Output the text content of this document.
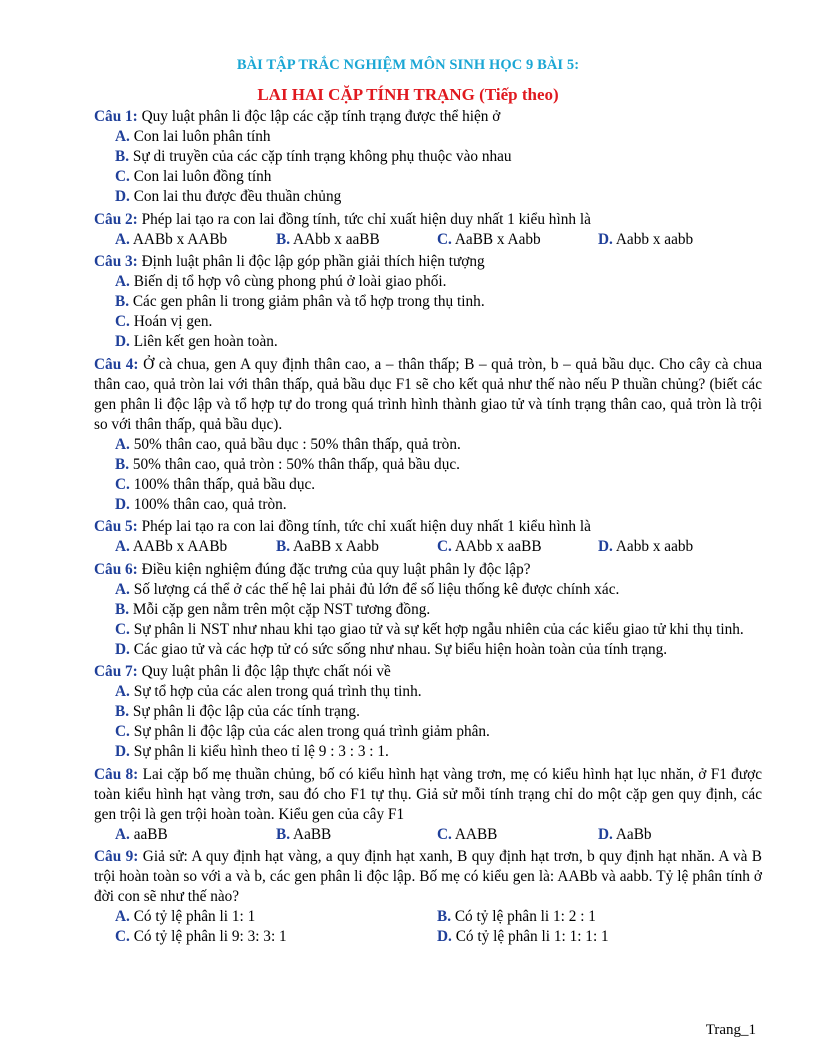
BÀI TẬP TRẮC NGHIỆM MÔN SINH HỌC 9 BÀI 5:
LAI HAI CẶP TÍNH TRẠNG (Tiếp theo)
Câu 1: Quy luật phân li độc lập các cặp tính trạng được thể hiện ở
A. Con lai luôn phân tính
B. Sự di truyền của các cặp tính trạng không phụ thuộc vào nhau
C. Con lai luôn đồng tính
D. Con lai thu được đều thuần chủng
Câu 2: Phép lai tạo ra con lai đồng tính, tức chỉ xuất hiện duy nhất 1 kiểu hình là
A. AABb x AABb	B. AAbb x aaBB	C. AaBB x Aabb	D. Aabb x aabb
Câu 3: Định luật phân li độc lập góp phần giải thích hiện tượng
A. Biến dị tổ hợp vô cùng phong phú ở loài giao phối.
B. Các gen phân li trong giảm phân và tổ hợp trong thụ tinh.
C. Hoán vị gen.
D. Liên kết gen hoàn toàn.
Câu 4: Ở cà chua, gen A quy định thân cao, a – thân thấp; B – quả tròn, b – quả bầu dục. Cho cây cà chua thân cao, quả tròn lai với thân thấp, quả bầu dục F1 sẽ cho kết quả như thế nào nếu P thuần chủng? (biết các gen phân li độc lập và tổ hợp tự do trong quá trình hình thành giao tử và tính trạng thân cao, quả tròn là trội so với thân thấp, quả bầu dục).
A. 50% thân cao, quả bầu dục : 50% thân thấp, quả tròn.
B. 50% thân cao, quả tròn : 50% thân thấp, quả bầu dục.
C. 100% thân thấp, quả bầu dục.
D. 100% thân cao, quả tròn.
Câu 5: Phép lai tạo ra con lai đồng tính, tức chỉ xuất hiện duy nhất 1 kiểu hình là
A. AABb x AABb	B. AaBB x Aabb	C. AAbb x aaBB	D. Aabb x aabb
Câu 6: Điều kiện nghiệm đúng đặc trưng của quy luật phân ly độc lập?
A. Số lượng cá thể ở các thế hệ lai phải đủ lớn để số liệu thống kê được chính xác.
B. Mỗi cặp gen nằm trên một cặp NST tương đồng.
C. Sự phân li NST như nhau khi tạo giao tử và sự kết hợp ngẫu nhiên của các kiểu giao tử khi thụ tinh.
D. Các giao tử và các hợp tử có sức sống như nhau. Sự biểu hiện hoàn toàn của tính trạng.
Câu 7: Quy luật phân li độc lập thực chất nói về
A. Sự tổ hợp của các alen trong quá trình thụ tinh.
B. Sự phân li độc lập của các tính trạng.
C. Sự phân li độc lập của các alen trong quá trình giảm phân.
D. Sự phân li kiểu hình theo tỉ lệ 9 : 3 : 3 : 1.
Câu 8: Lai cặp bố mẹ thuần chủng, bố có kiểu hình hạt vàng trơn, mẹ có kiểu hình hạt lục nhăn, ở F1 được toàn kiểu hình hạt vàng trơn, sau đó cho F1 tự thụ. Giả sử mỗi tính trạng chỉ do một cặp gen quy định, các gen trội là gen trội hoàn toàn. Kiểu gen của cây F1
A. aaBB	B. AaBB	C. AABB	D. AaBb
Câu 9: Giả sử: A quy định hạt vàng, a quy định hạt xanh, B quy định hạt trơn, b quy định hạt nhăn. A và B trội hoàn toàn so với a và b, các gen phân li độc lập. Bố mẹ có kiểu gen là: AABb và aabb. Tỷ lệ phân tính ở đời con sẽ như thế nào?
A. Có tỷ lệ phân li 1: 1	B. Có tỷ lệ phân li 1: 2 : 1
C. Có tỷ lệ phân li 9: 3: 3: 1	D. Có tỷ lệ phân li 1: 1: 1: 1
Trang_1
